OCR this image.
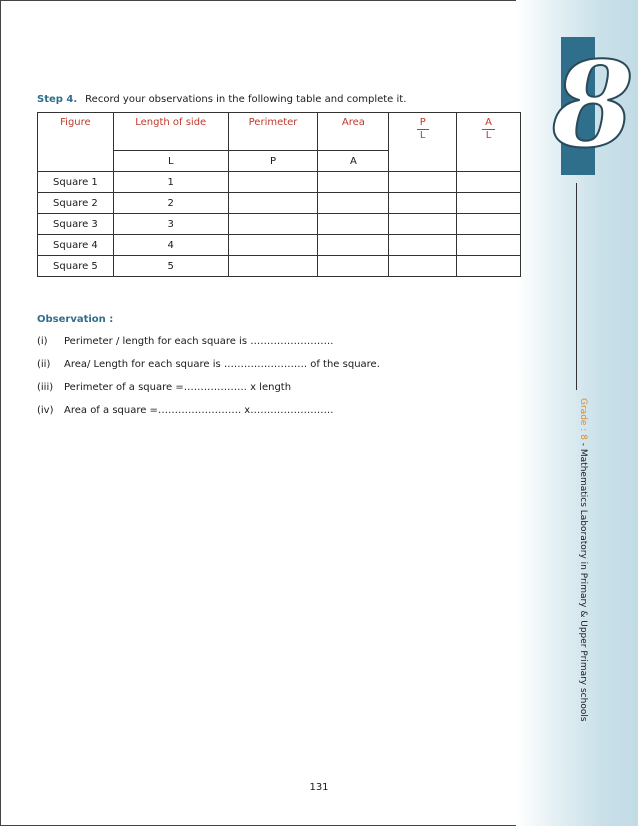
8
Grade : 8 - Mathematics Laboratory in Primary & Upper Primary schools
Step 4. Record your observations in the following table and complete it.
Figure	Length of side	Perimeter	Area	$\frac{P}{L}$	$\frac{A}{L}$

	L	P	A		
Square 1	1				
Square 2	2				
Square 3	3				
Square 4	4				
Square 5	5				
Observation :
(i) Perimeter / length for each square is …………………….
(ii) Area/ Length for each square is ……………………. of the square.
(iii) Perimeter of a square =………………. x length
(iv) Area of a square =……………………. x…………………….
131
